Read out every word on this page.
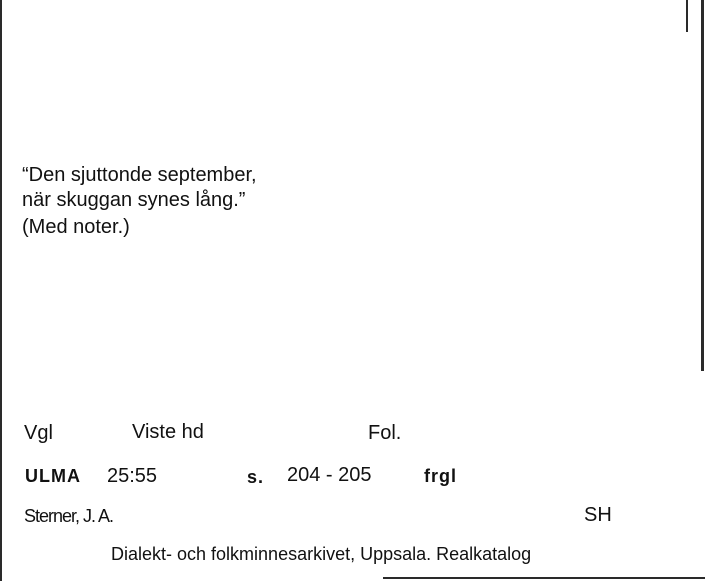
“Den sjuttonde september,
när skuggan synes lång.”
(Med noter.)
Vgl	Viste hd	Fol.
ULMA 25:55	s. 204 - 205	frgl
Sterner, J. A.	SH
Dialekt- och folkminnesarkivet, Uppsala. Realkatalog
